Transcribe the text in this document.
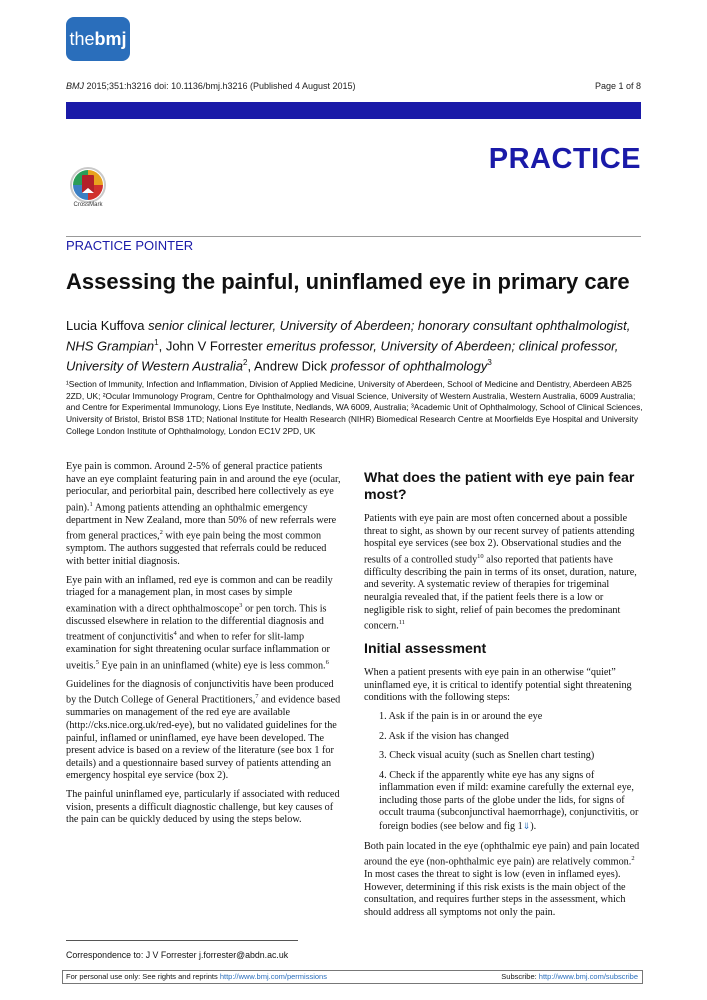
thebmj
BMJ 2015;351:h3216 doi: 10.1136/bmj.h3216 (Published 4 August 2015)	Page 1 of 8
PRACTICE
CrossMark
PRACTICE POINTER
Assessing the painful, uninflamed eye in primary care
Lucia Kuffova senior clinical lecturer, University of Aberdeen; honorary consultant ophthalmologist, NHS Grampian$^1$, John V Forrester emeritus professor, University of Aberdeen; clinical professor, University of Western Australia$^2$, Andrew Dick professor of ophthalmology$^3$
¹Section of Immunity, Infection and Inflammation, Division of Applied Medicine, University of Aberdeen, School of Medicine and Dentistry, Aberdeen AB25 2ZD, UK; ²Ocular Immunology Program, Centre for Ophthalmology and Visual Science, University of Western Australia, Western Australia, 6009 Australia; and Centre for Experimental Immunology, Lions Eye Institute, Nedlands, WA 6009, Australia; ³Academic Unit of Ophthalmology, School of Clinical Sciences, University of Bristol, Bristol BS8 1TD; National Institute for Health Research (NIHR) Biomedical Research Centre at Moorfields Eye Hospital and University College London Institute of Ophthalmology, London EC1V 2PD, UK

Eye pain is common. Around 2-5% of general practice patients have an eye complaint featuring pain in and around the eye (ocular, periocular, and periorbital pain, described here collectively as eye pain).$^1$ Among patients attending an ophthalmic emergency department in New Zealand, more than 50% of new referrals were from general practices,$^2$ with eye pain being the most common symptom. The authors suggested that referrals could be reduced with better initial diagnosis.

Eye pain with an inflamed, red eye is common and can be readily triaged for a management plan, in most cases by simple examination with a direct ophthalmoscope$^3$ or pen torch. This is discussed elsewhere in relation to the differential diagnosis and treatment of conjunctivitis$^4$ and when to refer for slit-lamp examination for sight threatening ocular surface inflammation or uveitis.$^5$ Eye pain in an uninflamed (white) eye is less common.$^6$

Guidelines for the diagnosis of conjunctivitis have been produced by the Dutch College of General Practitioners,$^7$ and evidence based summaries on management of the red eye are available (http://cks.nice.org.uk/red-eye), but no validated guidelines for the painful, inflamed or uninflamed, eye have been developed. The present advice is based on a review of the literature (see box 1 for details) and a questionnaire based survey of patients attending an emergency hospital eye service (box 2).

The painful uninflamed eye, particularly if associated with reduced vision, presents a difficult diagnostic challenge, but key causes of the pain can be quickly deduced by using the steps below.

What does the patient with eye pain fear most?

Patients with eye pain are most often concerned about a possible threat to sight, as shown by our recent survey of patients attending hospital eye services (see box 2). Observational studies and the results of a controlled study$^{10}$ also reported that patients have difficulty describing the pain in terms of its onset, duration, nature, and severity. A systematic review of therapies for trigeminal neuralgia revealed that, if the patient feels there is a low or negligible risk to sight, relief of pain becomes the predominant concern.$^{11}$

Initial assessment

When a patient presents with eye pain in an otherwise “quiet” uninflamed eye, it is critical to identify potential sight threatening conditions with the following steps:

1. Ask if the pain is in or around the eye
2. Ask if the vision has changed
3. Check visual acuity (such as Snellen chart testing)
4. Check if the apparently white eye has any signs of inflammation even if mild: examine carefully the external eye, including those parts of the globe under the lids, for signs of occult trauma (subconjunctival haemorrhage), conjunctivitis, or foreign bodies (see below and fig 1⇓).

Both pain located in the eye (ophthalmic eye pain) and pain located around the eye (non-ophthalmic eye pain) are relatively common.$^2$ In most cases the threat to sight is low (even in inflamed eyes). However, determining if this risk exists is the main object of the consultation, and requires further steps in the assessment, which should address all symptoms not only the pain.

Correspondence to: J V Forrester j.forrester@abdn.ac.uk
For personal use only: See rights and reprints http://www.bmj.com/permissions	Subscribe: http://www.bmj.com/subscribe
